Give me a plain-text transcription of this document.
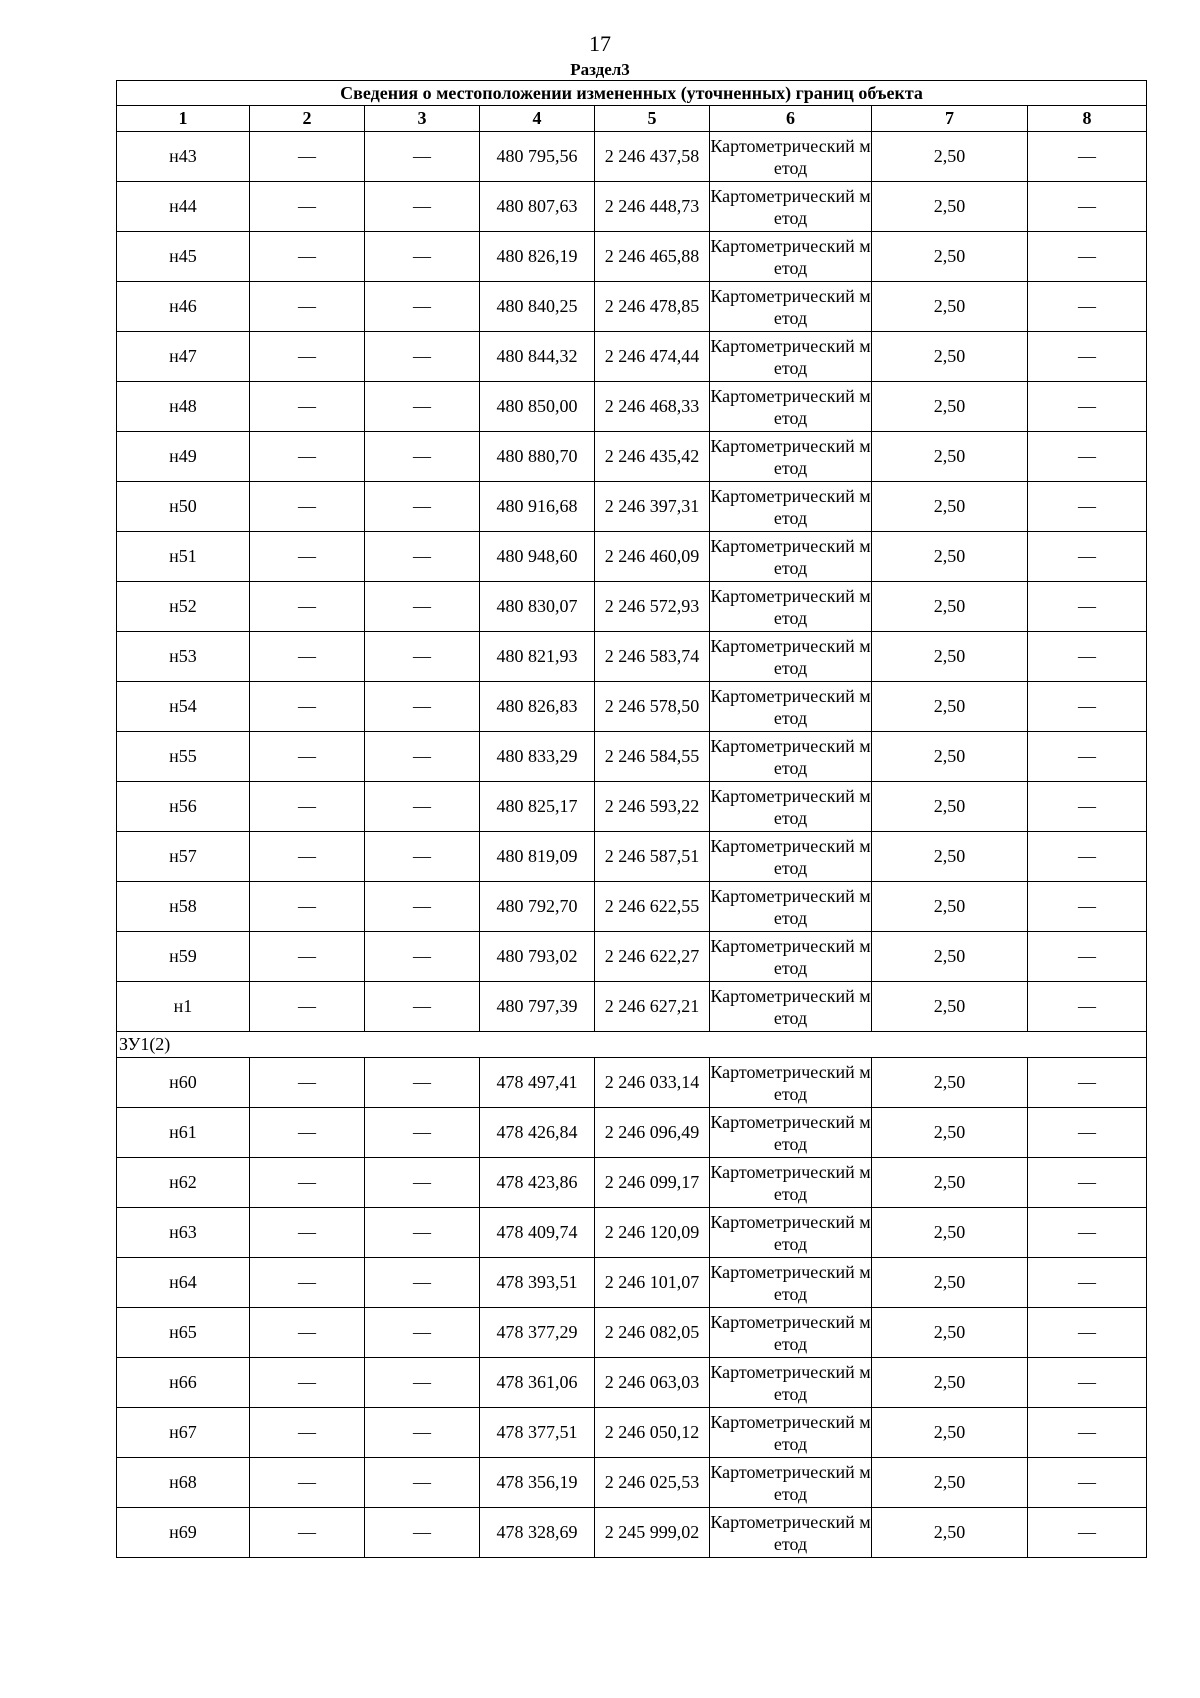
17
Раздел3
Сведения о местоположении измененных (уточненных) границ объекта							
1	2	3	4	5	6	7	8
н43	—	—	480 795,56	2 246 437,58	Картометрический метод	2,50	—
н44	—	—	480 807,63	2 246 448,73	Картометрический метод	2,50	—
н45	—	—	480 826,19	2 246 465,88	Картометрический метод	2,50	—
н46	—	—	480 840,25	2 246 478,85	Картометрический метод	2,50	—
н47	—	—	480 844,32	2 246 474,44	Картометрический метод	2,50	—
н48	—	—	480 850,00	2 246 468,33	Картометрический метод	2,50	—
н49	—	—	480 880,70	2 246 435,42	Картометрический метод	2,50	—
н50	—	—	480 916,68	2 246 397,31	Картометрический метод	2,50	—
н51	—	—	480 948,60	2 246 460,09	Картометрический метод	2,50	—
н52	—	—	480 830,07	2 246 572,93	Картометрический метод	2,50	—
н53	—	—	480 821,93	2 246 583,74	Картометрический метод	2,50	—
н54	—	—	480 826,83	2 246 578,50	Картометрический метод	2,50	—
н55	—	—	480 833,29	2 246 584,55	Картометрический метод	2,50	—
н56	—	—	480 825,17	2 246 593,22	Картометрический метод	2,50	—
н57	—	—	480 819,09	2 246 587,51	Картометрический метод	2,50	—
н58	—	—	480 792,70	2 246 622,55	Картометрический метод	2,50	—
н59	—	—	480 793,02	2 246 622,27	Картометрический метод	2,50	—
н1	—	—	480 797,39	2 246 627,21	Картометрический метод	2,50	—
ЗУ1(2)							
н60	—	—	478 497,41	2 246 033,14	Картометрический метод	2,50	—
н61	—	—	478 426,84	2 246 096,49	Картометрический метод	2,50	—
н62	—	—	478 423,86	2 246 099,17	Картометрический метод	2,50	—
н63	—	—	478 409,74	2 246 120,09	Картометрический метод	2,50	—
н64	—	—	478 393,51	2 246 101,07	Картометрический метод	2,50	—
н65	—	—	478 377,29	2 246 082,05	Картометрический метод	2,50	—
н66	—	—	478 361,06	2 246 063,03	Картометрический метод	2,50	—
н67	—	—	478 377,51	2 246 050,12	Картометрический метод	2,50	—
н68	—	—	478 356,19	2 246 025,53	Картометрический метод	2,50	—
н69	—	—	478 328,69	2 245 999,02	Картометрический метод	2,50	—
